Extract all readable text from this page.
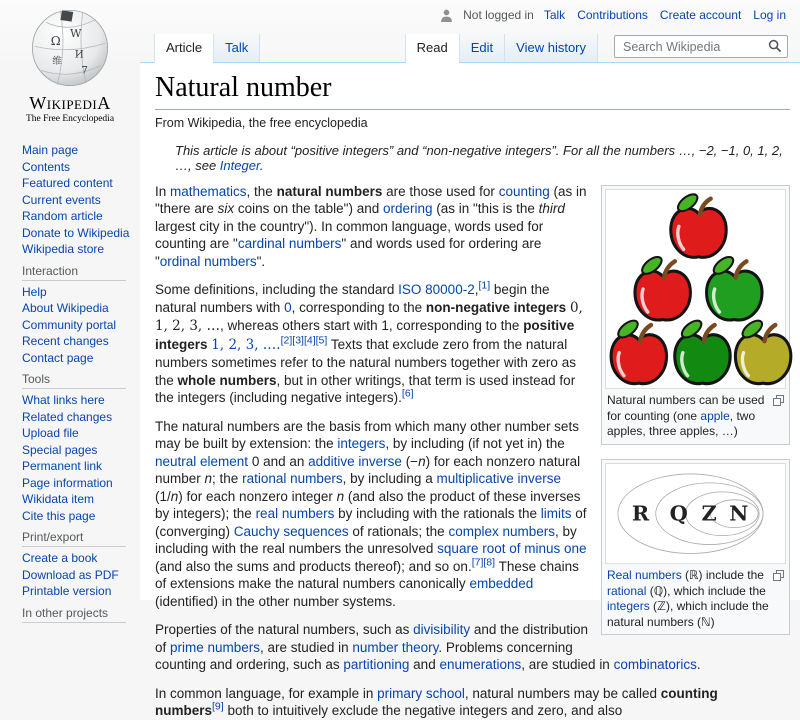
Ω
W
И
7
维
WikipediA
The Free Encyclopedia
Main page
Contents
Featured content
Current events
Random article
Donate to Wikipedia
Wikipedia store
Interaction
Help
About Wikipedia
Community portal
Recent changes
Contact page
Tools
What links here
Related changes
Upload file
Special pages
Permanent link
Page information
Wikidata item
Cite this page
Print/export
Create a book
Download as PDF
Printable version
In other projects
Not logged in Talk Contributions Create account Log in
Article	Talk	Read	Edit	View history
Search Wikipedia
Natural number
From Wikipedia, the free encyclopedia
This article is about “positive integers” and “non-negative integers”. For all the numbers …, −2, −1, 0, 1, 2, …, see Integer.
Natural numbers can be used for counting (one apple, two apples, three apples, …)
R Q Z N
Real numbers (ℝ) include the rational (ℚ), which include the integers (ℤ), which include the natural numbers (ℕ)

In mathematics, the natural numbers are those used for counting (as in "there are six coins on the table") and ordering (as in "this is the third largest city in the country"). In common language, words used for counting are "cardinal numbers" and words used for ordering are "ordinal numbers".

Some definitions, including the standard ISO 80000-2,[1] begin the natural numbers with 0, corresponding to the non-negative integers 0, 1, 2, 3, …, whereas others start with 1, corresponding to the positive integers 1, 2, 3, ….[2][3][4][5] Texts that exclude zero from the natural numbers sometimes refer to the natural numbers together with zero as the whole numbers, but in other writings, that term is used instead for the integers (including negative integers).[6]

The natural numbers are the basis from which many other number sets may be built by extension: the integers, by including (if not yet in) the neutral element 0 and an additive inverse (−n) for each nonzero natural number n; the rational numbers, by including a multiplicative inverse (1/n) for each nonzero integer n (and also the product of these inverses by integers); the real numbers by including with the rationals the limits of (converging) Cauchy sequences of rationals; the complex numbers, by including with the real numbers the unresolved square root of minus one (and also the sums and products thereof); and so on.[7][8] These chains of extensions make the natural numbers canonically embedded (identified) in the other number systems.

Properties of the natural numbers, such as divisibility and the distribution of prime numbers, are studied in number theory. Problems concerning counting and ordering, such as partitioning and enumerations, are studied in combinatorics.

In common language, for example in primary school, natural numbers may be called counting numbers[9] both to intuitively exclude the negative integers and zero, and also
